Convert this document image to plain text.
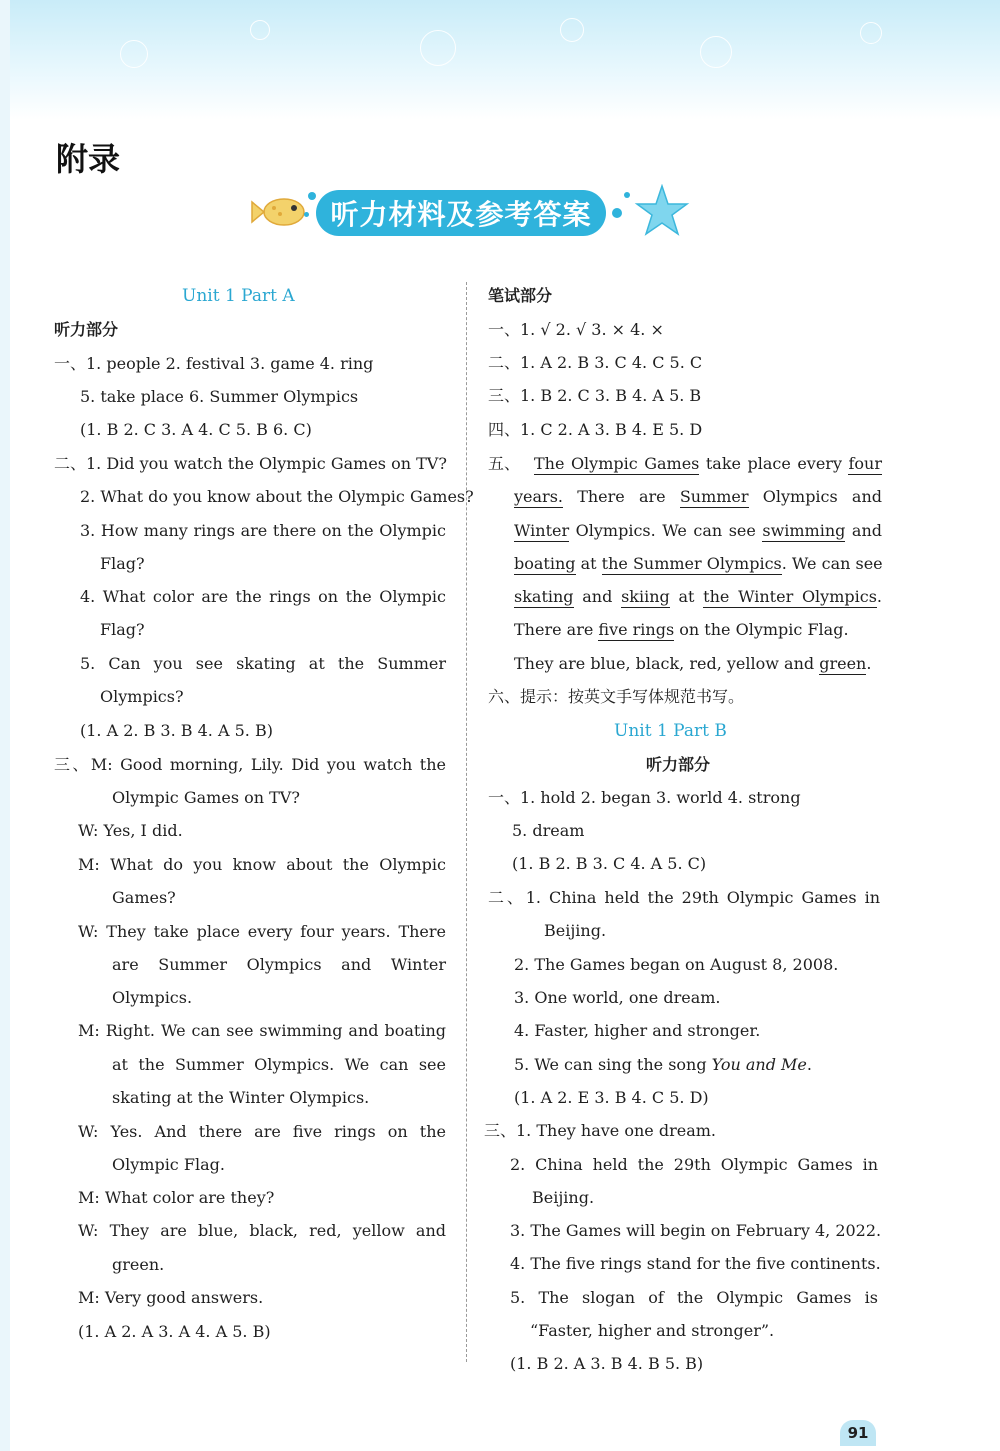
附录
听力材料及参考答案
Unit 1 Part A
听力部分
一、1. people 2. festival 3. game 4. ring
5. take place 6. Summer Olympics
(1. B 2. C 3. A 4. C 5. B 6. C)
二、1. Did you watch the Olympic Games on TV?
2. What do you know about the Olympic Games?
3. How many rings are there on the Olympic
Flag?
4. What color are the rings on the Olympic
Flag?
5. Can you see skating at the Summer
Olympics?
(1. A 2. B 3. B 4. A 5. B)
三、M: Good morning, Lily. Did you watch the
Olympic Games on TV?
W: Yes, I did.
M: What do you know about the Olympic
Games?
W: They take place every four years. There
are Summer Olympics and Winter
Olympics.
M: Right. We can see swimming and boating
at the Summer Olympics. We can see
skating at the Winter Olympics.
W: Yes. And there are five rings on the
Olympic Flag.
M: What color are they?
W: They are blue, black, red, yellow and
green.
M: Very good answers.
(1. A 2. A 3. A 4. A 5. B)
笔试部分
一、1. √ 2. √ 3. × 4. ×
二、1. A 2. B 3. C 4. C 5. C
三、1. B 2. C 3. B 4. A 5. B
四、1. C 2. A 3. B 4. E 5. D
五、 The Olympic Games take place every four
years. There are Summer Olympics and
Winter Olympics. We can see swimming and
boating at the Summer Olympics. We can see
skating and skiing at the Winter Olympics.
There are five rings on the Olympic Flag.
They are blue, black, red, yellow and green.
六、提示：按英文手写体规范书写。
Unit 1 Part B
听力部分
一、1. hold 2. began 3. world 4. strong
5. dream
(1. B 2. B 3. C 4. A 5. C)
二、1. China held the 29th Olympic Games in
Beijing.
2. The Games began on August 8, 2008.
3. One world, one dream.
4. Faster, higher and stronger.
5. We can sing the song You and Me.
(1. A 2. E 3. B 4. C 5. D)
三、1. They have one dream.
2. China held the 29th Olympic Games in
Beijing.
3. The Games will begin on February 4, 2022.
4. The five rings stand for the five continents.
5. The slogan of the Olympic Games is
“Faster, higher and stronger”.
(1. B 2. A 3. B 4. B 5. B)
91
